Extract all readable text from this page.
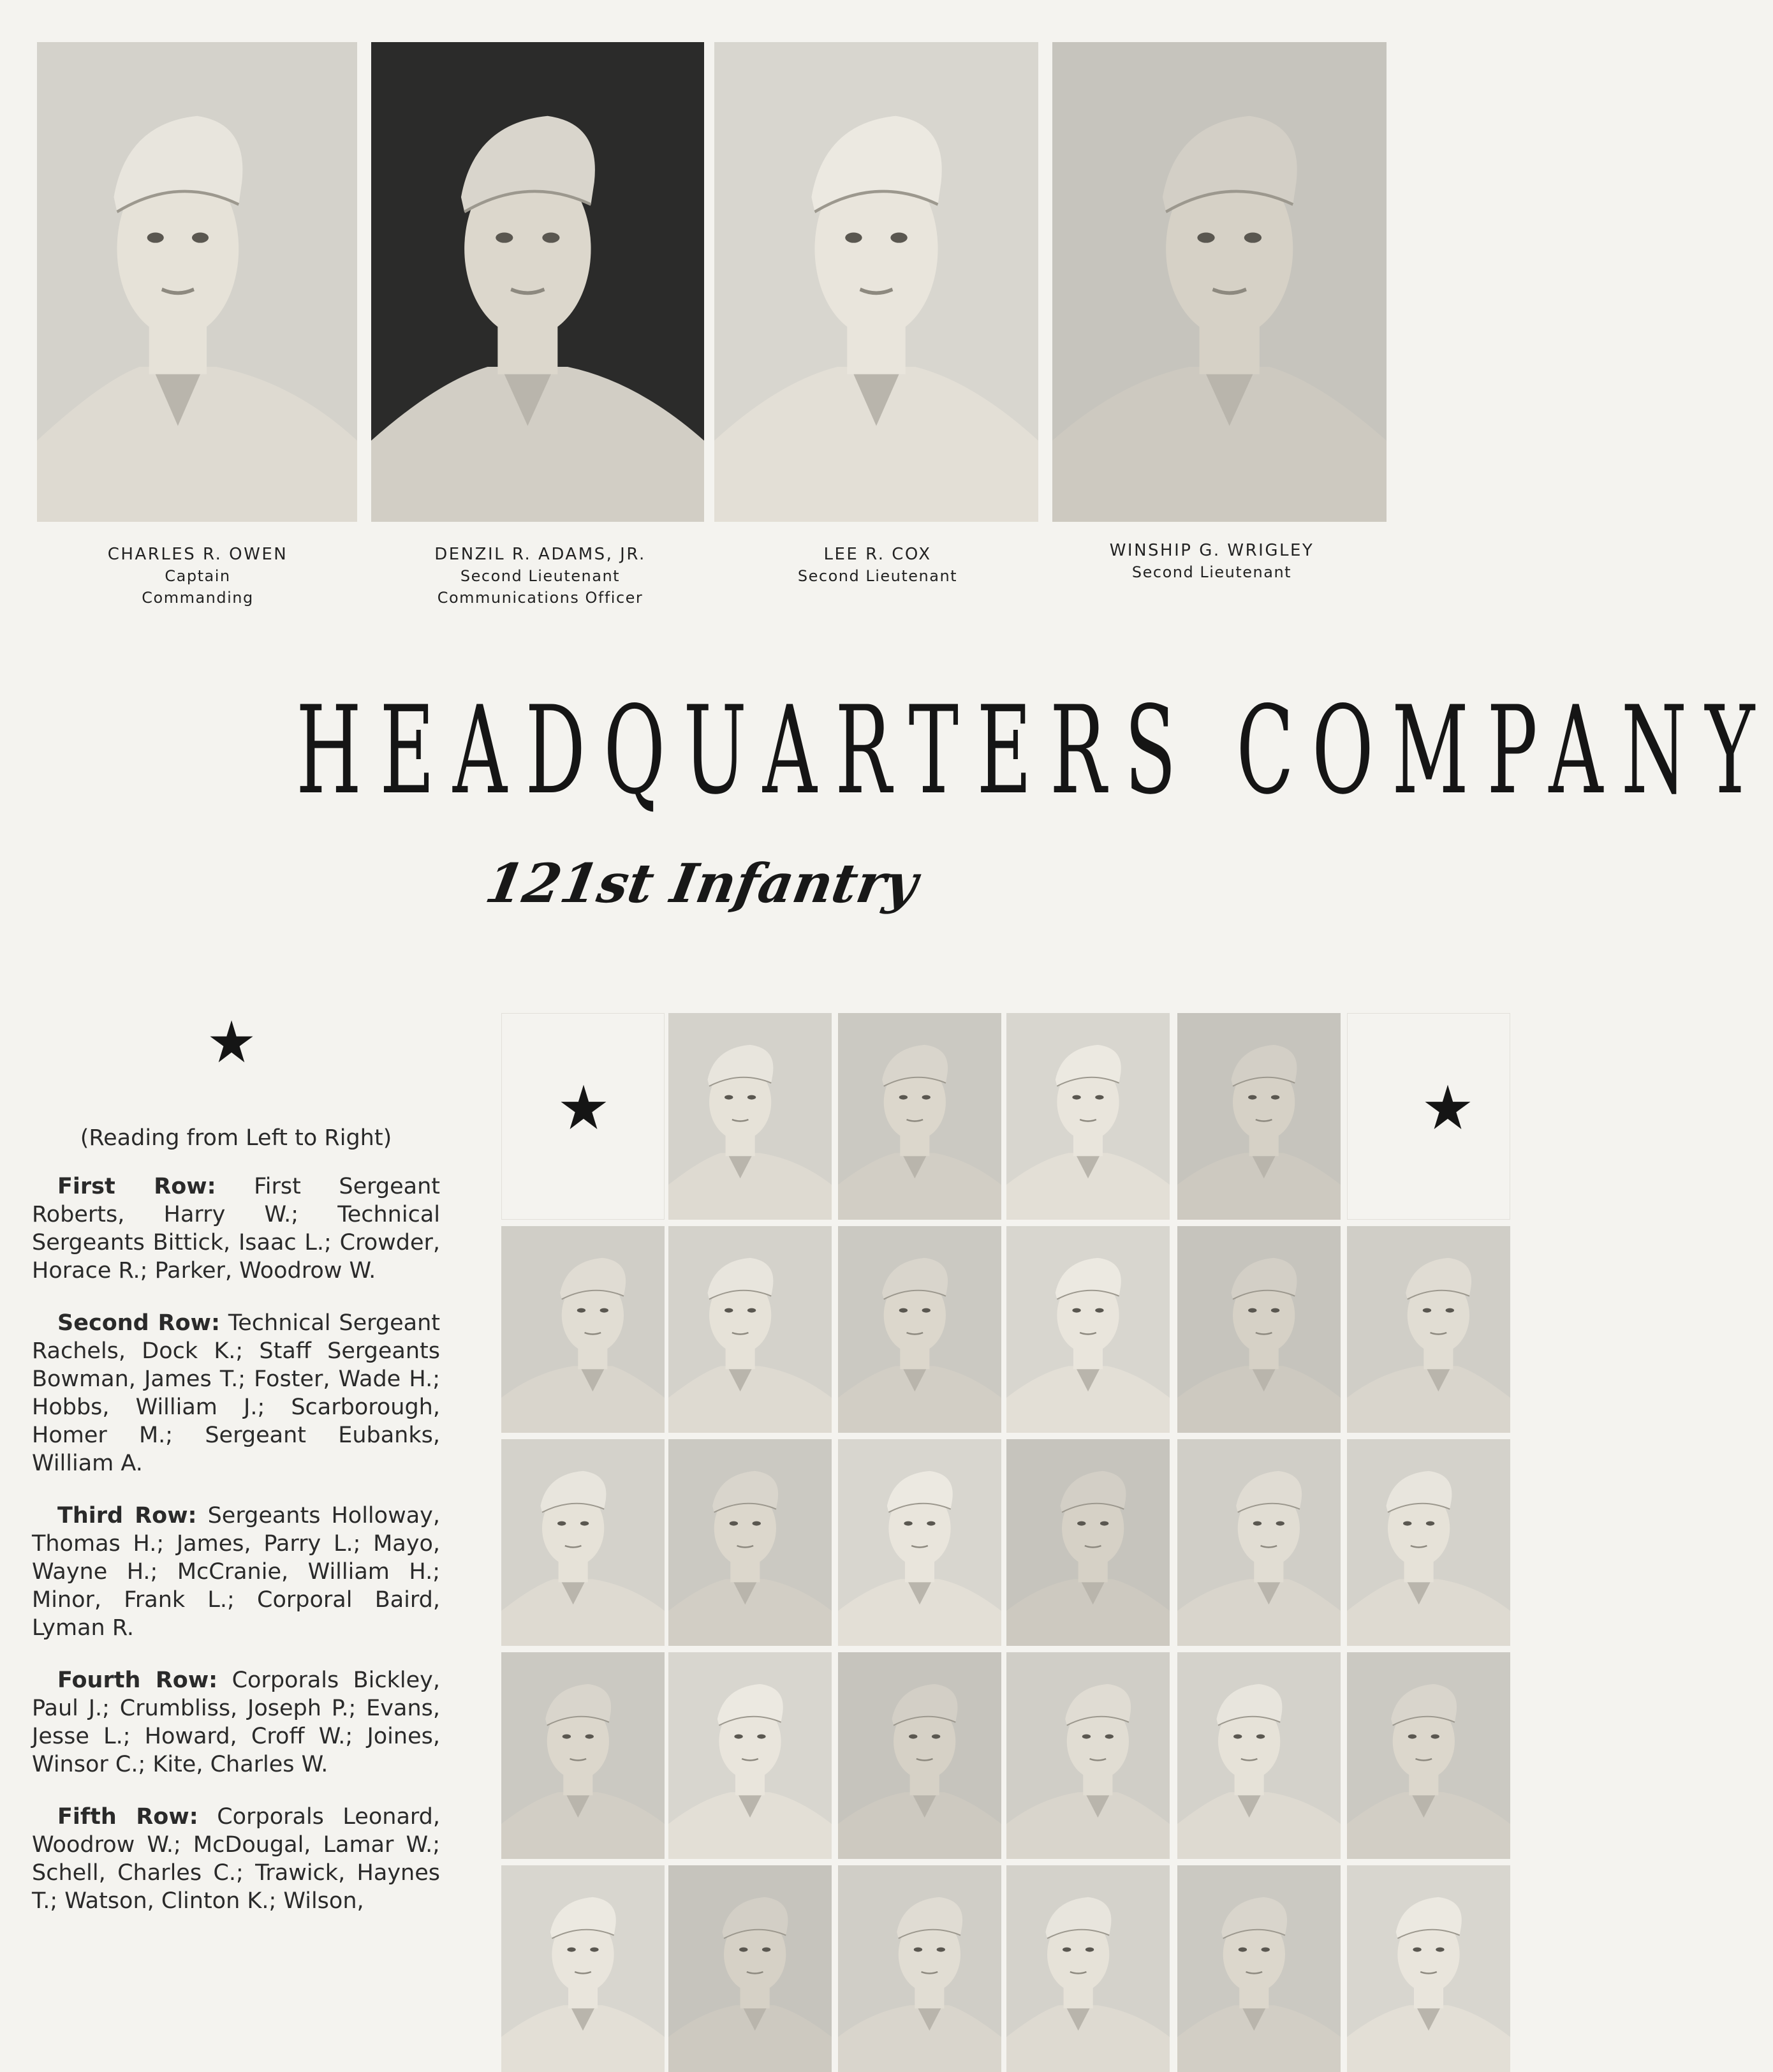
CHARLES R. OWEN
Captain
Commanding
DENZIL R. ADAMS, JR.
Second Lieutenant
Communications Officer
LEE R. COX
Second Lieutenant
WINSHIP G. WRIGLEY
Second Lieutenant
HEADQUARTERS COMPANY
121st Infantry
(Reading from Left to Right)

First Row: First Sergeant Roberts, Harry W.; Technical Sergeants Bittick, Isaac L.; Crowder, Horace R.; Parker, Woodrow W.

Second Row: Technical Sergeant Rachels, Dock K.; Staff Sergeants Bowman, James T.; Foster, Wade H.; Hobbs, William J.; Scarborough, Homer M.; Sergeant Eubanks, William A.

Third Row: Sergeants Holloway, Thomas H.; James, Parry L.; Mayo, Wayne H.; McCranie, William H.; Minor, Frank L.; Corporal Baird, Lyman R.

Fourth Row: Corporals Bickley, Paul J.; Crumbliss, Joseph P.; Evans, Jesse L.; Howard, Croff W.; Joines, Winsor C.; Kite, Charles W.

Fifth Row: Corporals Leonard, Woodrow W.; McDougal, Lamar W.; Schell, Charles C.; Trawick, Haynes T.; Watson, Clinton K.; Wilson,
